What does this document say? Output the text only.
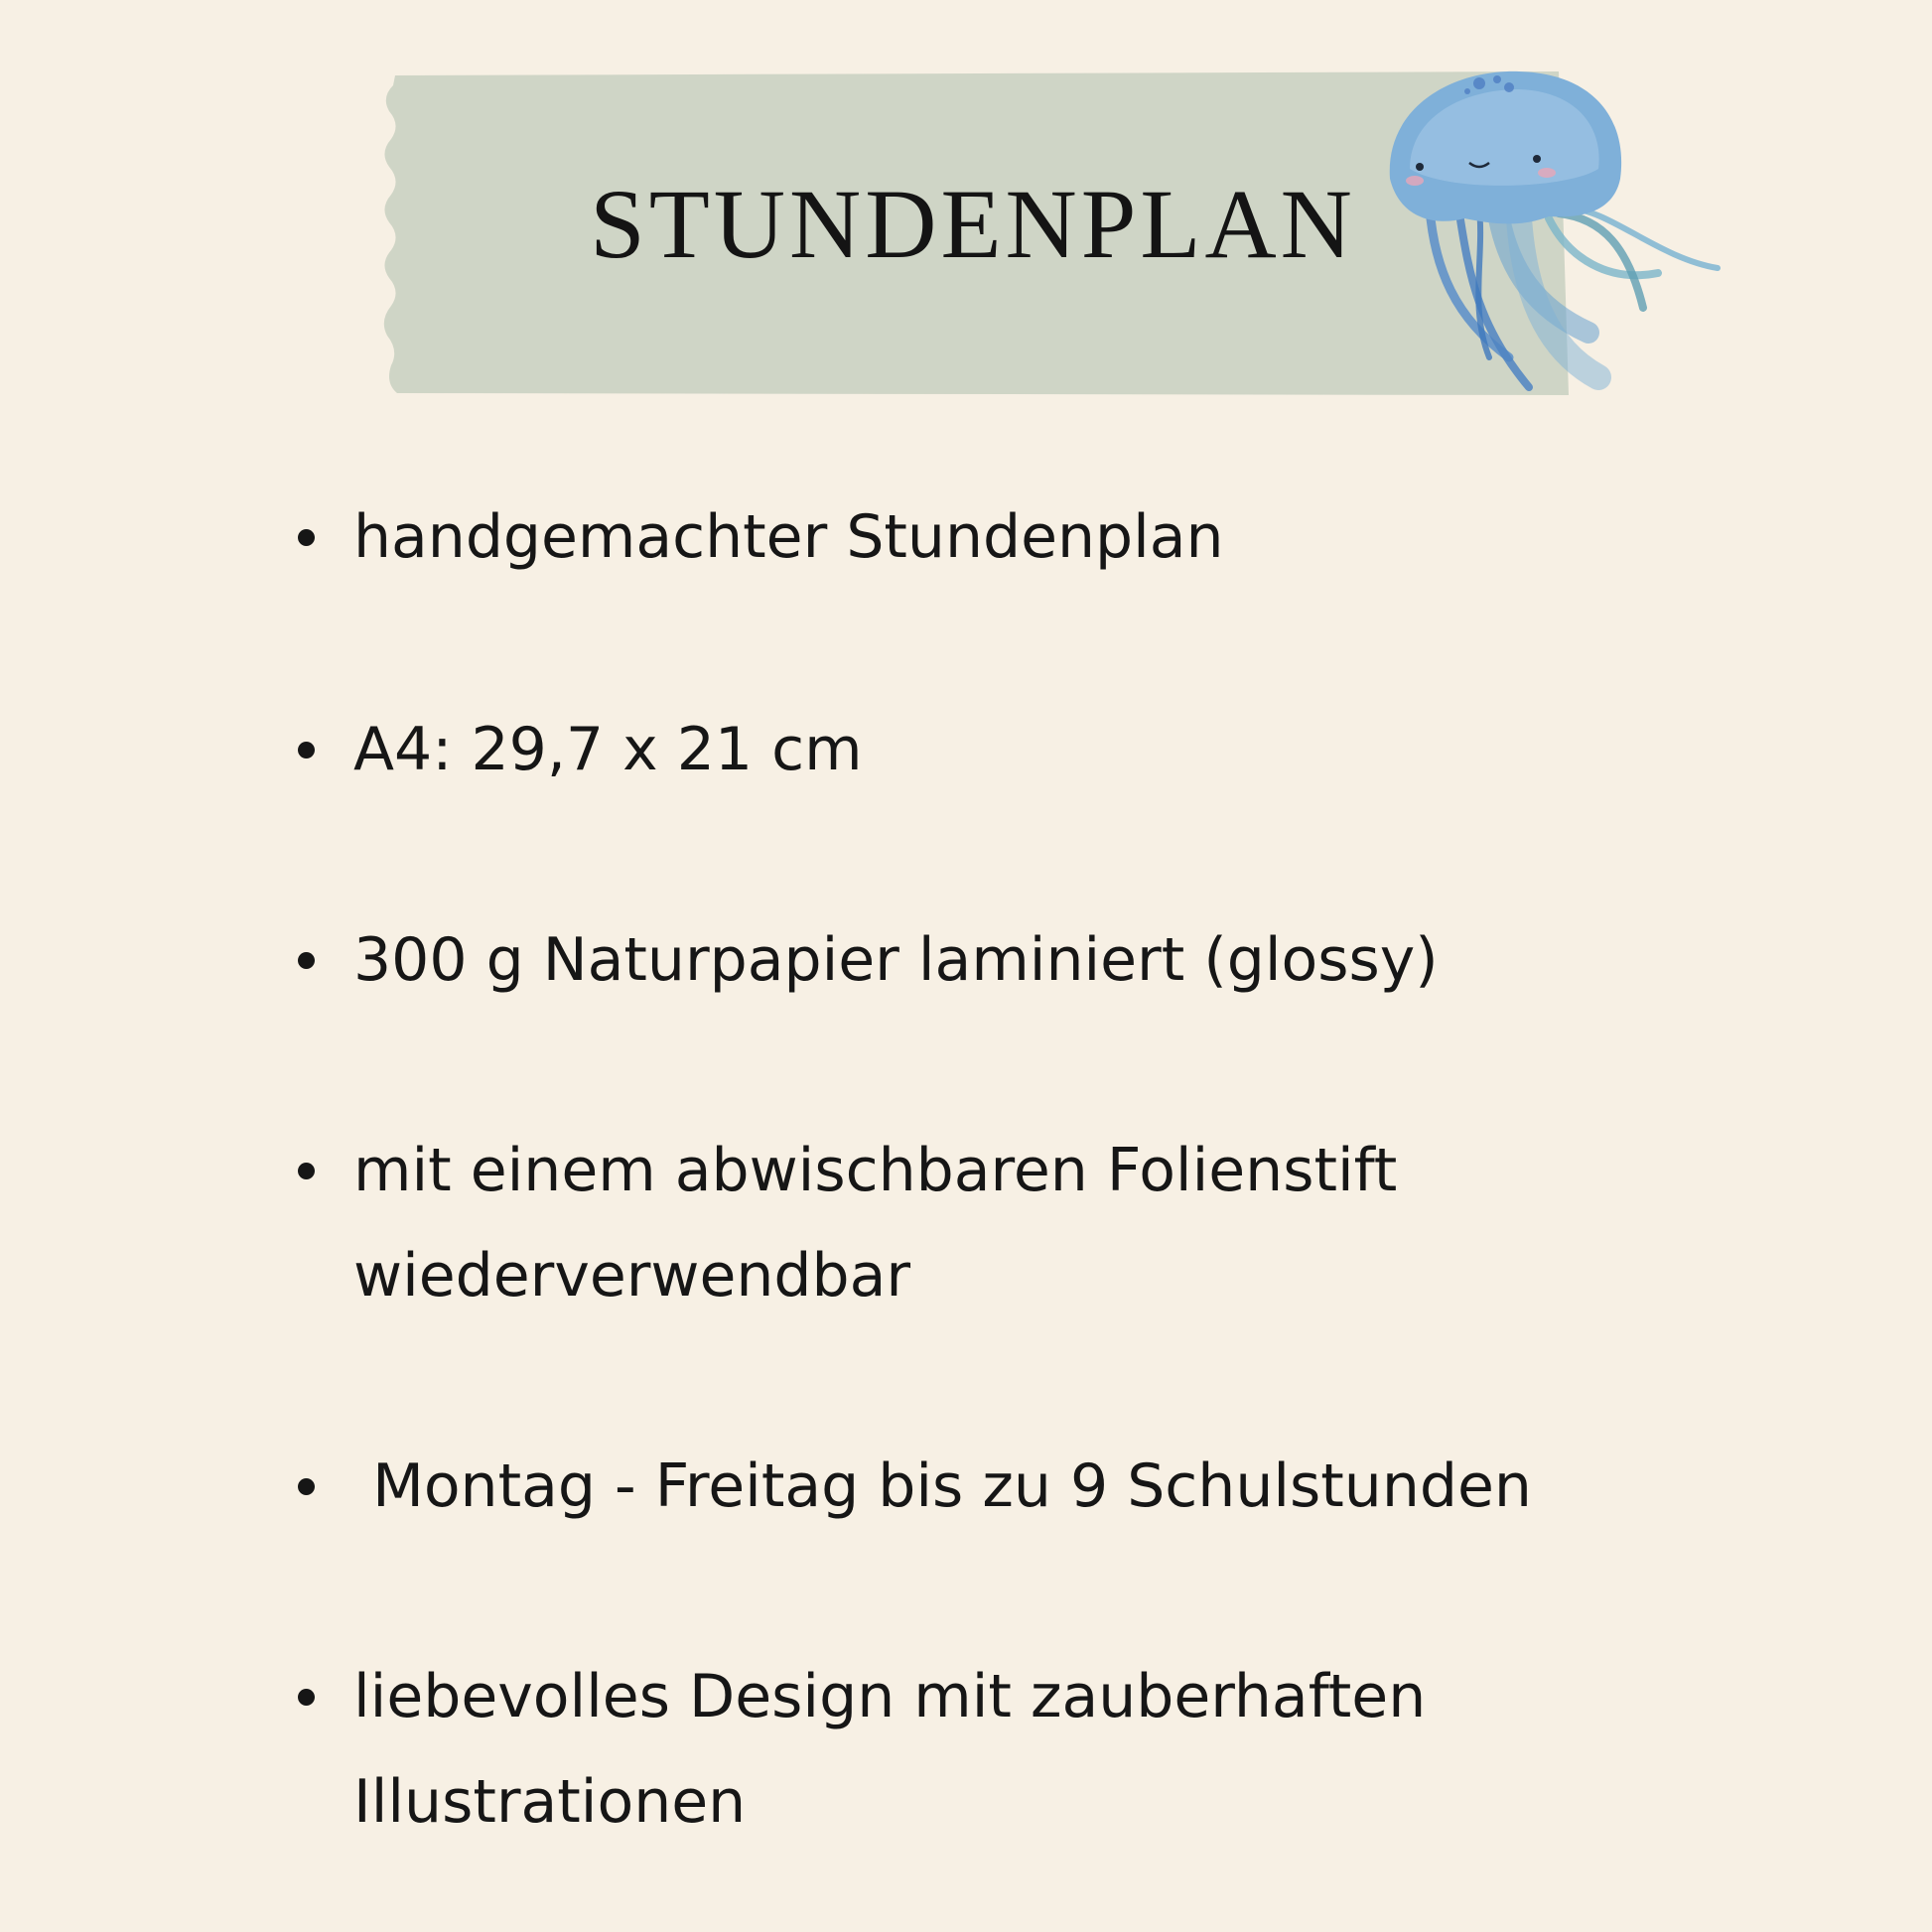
STUNDENPLAN
handgemachter Stundenplan
A4: 29,7 x 21 cm
300 g Naturpapier laminiert (glossy)
mit einem abwischbaren Folienstift wiederverwendbar
Montag - Freitag bis zu 9 Schulstunden
liebevolles Design mit zauberhaften Illustrationen
